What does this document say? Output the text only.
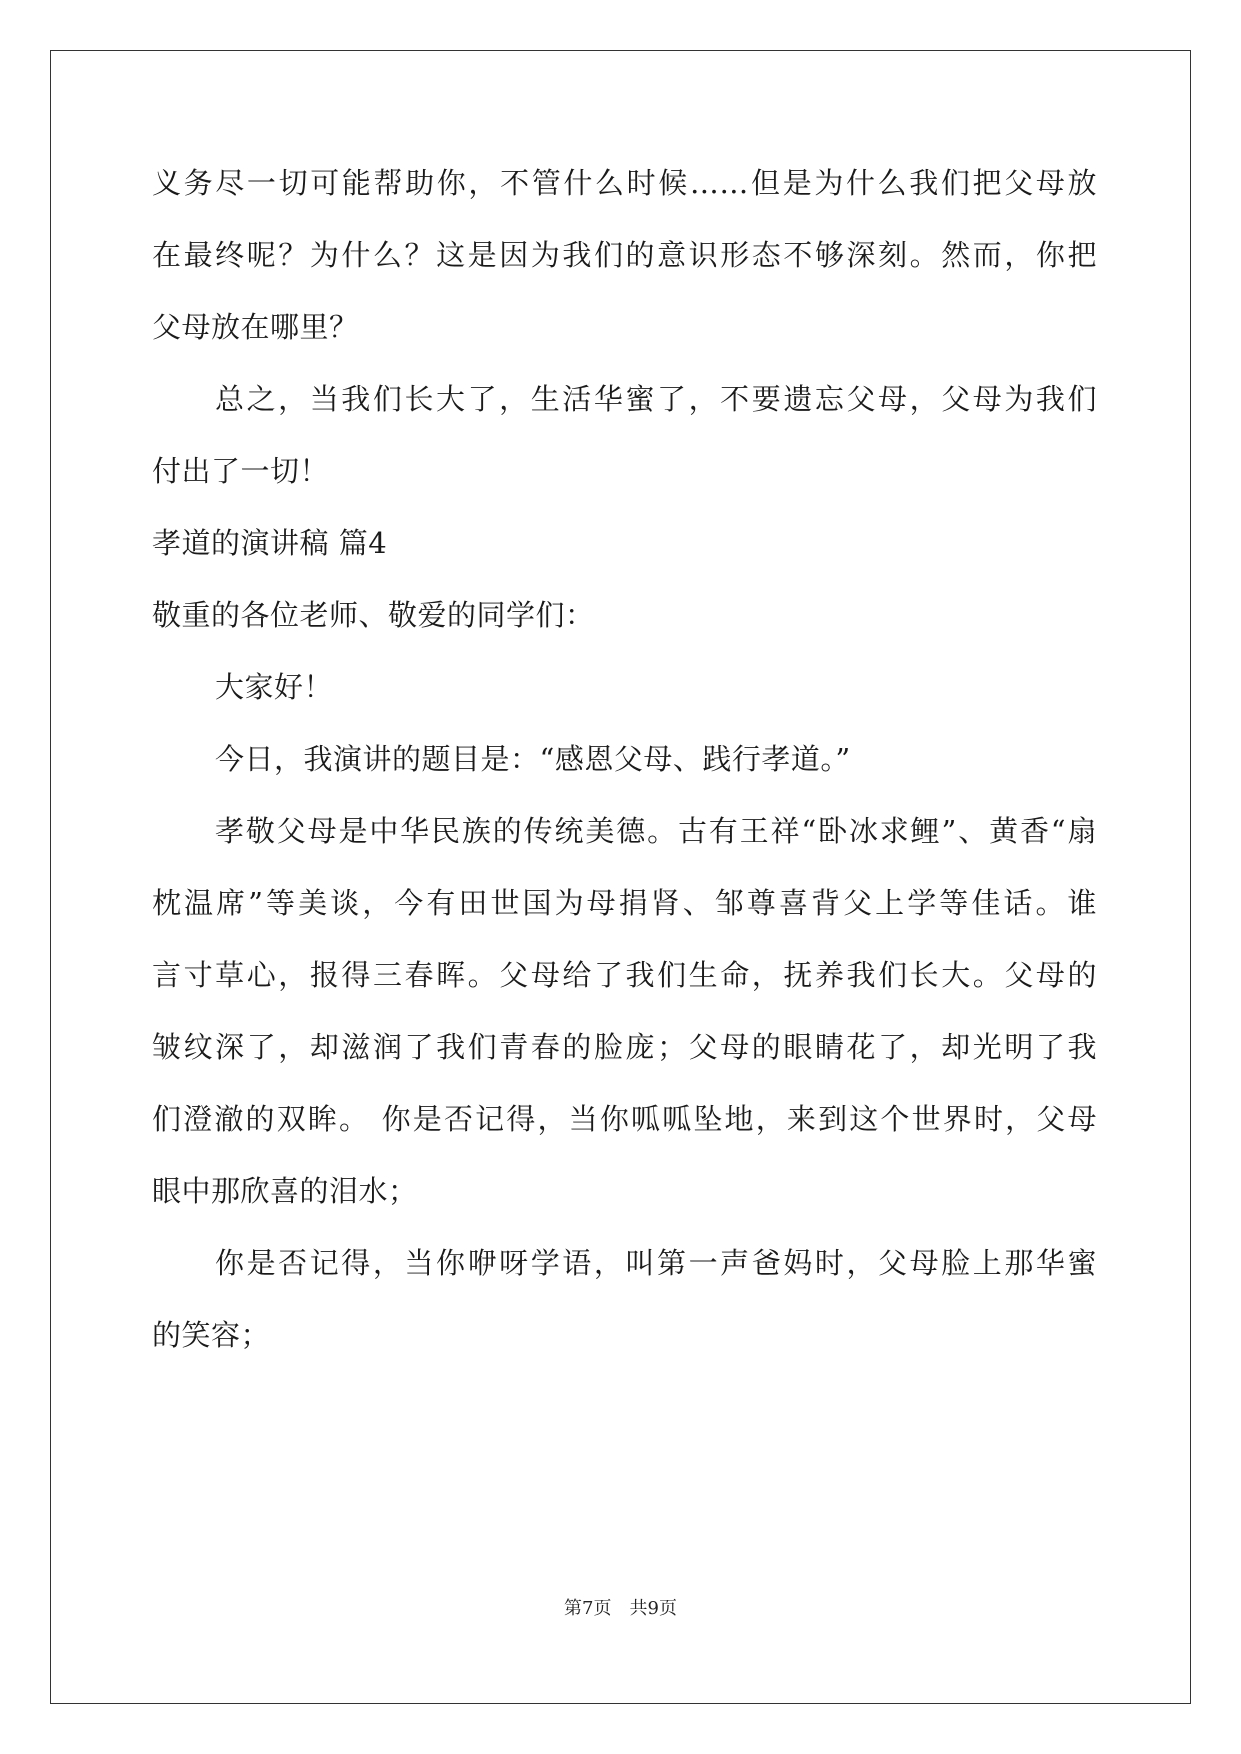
义务尽一切可能帮助你，不管什么时候……但是为什么我们把父母放
在最终呢？为什么？这是因为我们的意识形态不够深刻。然而，你把
父母放在哪里？
总之，当我们长大了，生活华蜜了，不要遗忘父母，父母为我们
付出了一切！
孝道的演讲稿 篇4
敬重的各位老师、敬爱的同学们：
大家好！
今日，我演讲的题目是：“感恩父母、践行孝道。”
孝敬父母是中华民族的传统美德。古有王祥“卧冰求鲤”、黄香“扇
枕温席”等美谈，今有田世国为母捐肾、邹尊喜背父上学等佳话。谁
言寸草心，报得三春晖。父母给了我们生命，抚养我们长大。父母的
皱纹深了，却滋润了我们青春的脸庞；父母的眼睛花了，却光明了我
们澄澈的双眸。 你是否记得，当你呱呱坠地，来到这个世界时，父母
眼中那欣喜的泪水；
你是否记得，当你咿呀学语，叫第一声爸妈时，父母脸上那华蜜
的笑容；
第7页 共9页
